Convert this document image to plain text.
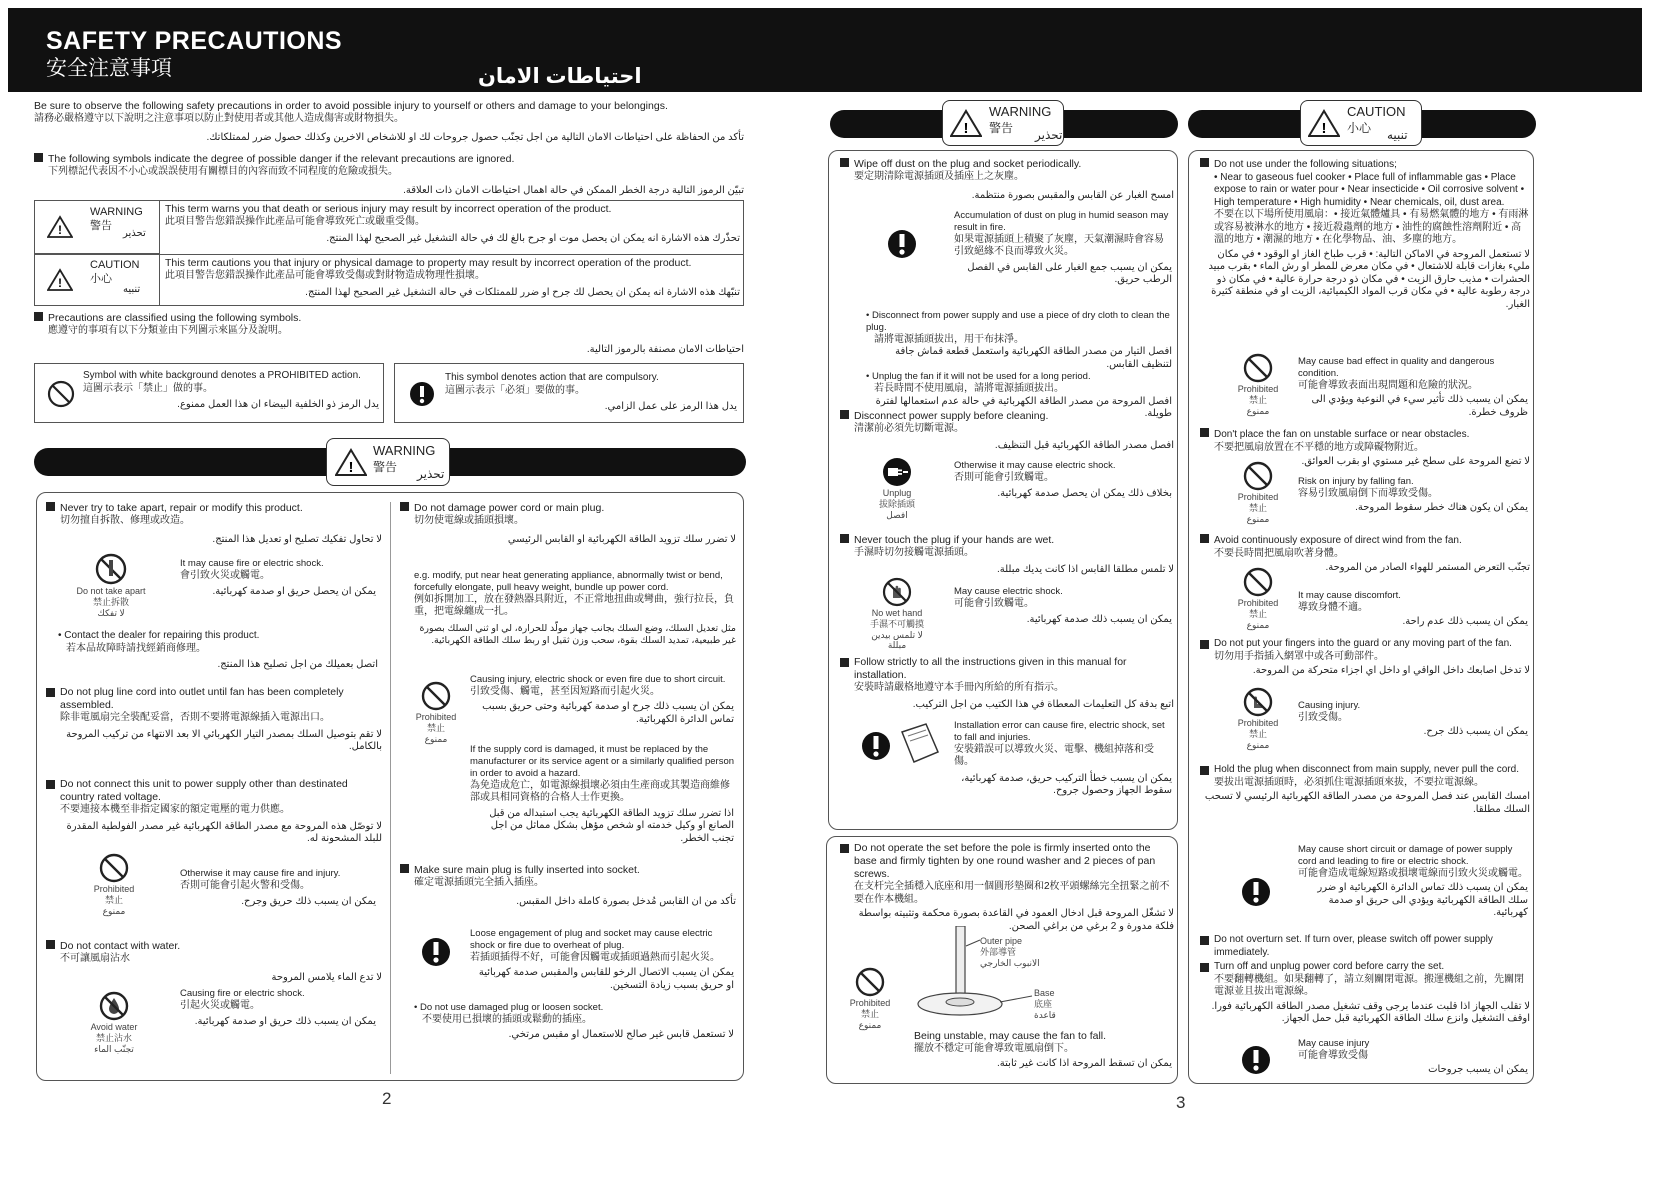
SAFETY PRECAUTIONS
安全注意事項	احتياطات الامان
Be sure to observe the following safety precautions in order to avoid possible injury to yourself or others and damage to your belongings.
請務必嚴格遵守以下說明之注意事項以防止對使用者或其他人造成傷害或財物損失。
تأكد من الحفاظة على احتياطات الامان التالية من اجل تجنّب حصول جروحات لك او للاشخاص الاخرين وكذلك حصول ضرر لممتلكاتك.
The following symbols indicate the degree of possible danger if the relevant precautions are ignored.
下列標記代表因不小心或誤誤使用有關標目的內容而致不同程度的危險或損失。
تبيّن الرموز التالية درجة الخطر الممكن في حالة اهمال احتياطات الامان ذات العلاقة.
!
WARNING
警告
تحذير
This term warns you that death or serious injury may result by incorrect operation of the product.
此項目警告您錯誤操作此產品可能會導致死亡或嚴重受傷。
تحذّرك هذه الاشارة انه يمكن ان يحصل موت او جرح بالغ لك في حالة التشغيل غير الصحيح لهذا المنتج.
!
CAUTION
小心
تنبيه
This term cautions you that injury or physical damage to property may result by incorrect operation of the product.
此項目警告您錯誤操作此產品可能會導致受傷或對財物造成物理性損壞。
تنبّهك هذه الاشارة انه يمكن ان يحصل لك جرح او ضرر للممتلكات في حالة التشغيل غير الصحيح لهذا المنتج.
Precautions are classified using the following symbols.
應遵守的事項有以下分類並由下列圖示來區分及說明。
احتياطات الامان مصنفة بالرموز التالية.
Symbol with white background denotes a PROHIBITED action.
這圖示表示「禁止」做的事。
يدل الرمز ذو الخلفية البيضاء ان هذا العمل ممنوع.
This symbol denotes action that are compulsory.
這圖示表示「必須」要做的事。
يدل هذا الرمز على عمل الزامي.
!
WARNING
警告 تحذير
Never try to take apart, repair or modify this product.
切勿擅自拆散、修理或改造。
لا تحاول تفكيك تصليح او تعديل هذا المنتج.
Do not take apart
禁止拆散
لا تفكك
It may cause fire or electric shock.
會引致火災或觸電。
يمكن ان يحصل حريق او صدمة كهربائية.
• Contact the dealer for repairing this product.
若本品故障時請找經銷商修理。
اتصل بعميلك من اجل تصليح هذا المنتج.
Do not plug line cord into outlet until fan has been completely assembled.
除非電風扇完全裝配妥當，否則不要將電源線插入電源出口。
لا تقم بتوصيل السلك بمصدر التيار الكهربائي الا بعد الانتهاء من تركيب المروحة بالكامل.
Do not connect this unit to power supply other than destinated country rated voltage.
不要連接本機至非指定國家的額定電壓的電力供應。
لا توصّل هذه المروحة مع مصدر الطاقة الكهربائية غير مصدر الفولطية المقدرة للبلد المشحونة له.
Prohibited
禁止
ممنوع
Otherwise it may cause fire and injury.
否則可能會引起火警和受傷。
يمكن ان يسبب ذلك حريق وجرح.
Do not contact with water.
不可讓風扇沾水
لا تدع الماء يلامس المروحة
Avoid water
禁止沾水
تجنّب الماء
Causing fire or electric shock.
引起火災或觸電。
يمكن ان يسبب ذلك حريق او صدمة كهربائية.
Do not damage power cord or main plug.
切勿使電線或插頭損壞。
لا تضرر سلك تزويد الطاقة الكهربائية او القابس الرئيسي
e.g. modify, put near heat generating appliance, abnormally twist or bend, forcefully elongate, pull heavy weight, bundle up power cord.
例如拆開加工，放在發熱器具附近，不正常地扭曲或彎曲，強行拉長，負重，把電線纏成一扎。
مثل تعديل السلك، وضع السلك بجانب جهاز مولّد للحرارة، لي او ثني السلك بصورة غير طبيعية، تمديد السلك بقوة، سحب وزن ثقيل او ربط سلك الطاقة الكهربائية.
Prohibited
禁止
ممنوع
Causing injury, electric shock or even fire due to short circuit.
引致受傷、觸電，甚至因短路而引起火災。
يمكن ان يسبب ذلك جرح او صدمة كهربائية وحتى حريق بسبب تماس الدائرة الكهربائية.
If the supply cord is damaged, it must be replaced by the manufacturer or its service agent or a similarly qualified person in order to avoid a hazard.
為免造成危亡，如電源線損壞必須由生產商或其製造商維修部或具相同資格的合格人士作更換。
اذا تضرر سلك تزويد الطاقة الكهربائية يجب استبداله من قبل الصانع او وكيل خدمته او شخص مؤهل بشكل مماثل من اجل تجنب الخطر.
Make sure main plug is fully inserted into socket.
確定電源插頭完全插入插座。
تأكد من ان القابس مُدخل بصورة كاملة داخل المقبس.
Loose engagement of plug and socket may cause electric shock or fire due to overheat of plug.
若插頭插得不好，可能會因觸電或插頭過熱而引起火災。
يمكن ان يسبب الاتصال الرخو للقابس والمقبس صدمة كهربائية او حريق بسبب زيادة التسخين.
• Do not use damaged plug or loosen socket.
不要使用已損壞的插頭或鬆動的插座。
لا تستعمل قابس غير صالح للاستعمال او مقبس مرتخي.
2
!
WARNING
警告 تحذير
Wipe off dust on the plug and socket periodically.
要定期清除電源插頭及插座上之灰塵。
امسح الغبار عن القابس والمقبس بصورة منتظمة.
Accumulation of dust on plug in humid season may result in fire.
如果電源插頭上積聚了灰塵，天氣潮濕時會容易引致絕緣不良而導致火災。
يمكن ان يسبب جمع الغبار على القابس في الفصل الرطب حريق.
• Disconnect from power supply and use a piece of dry cloth to clean the plug.
請將電源插頭拔出，用干布抹淨。
افصل التيار من مصدر الطاقة الكهربائية واستعمل قطعة قماش جافة لتنظيف القابس.
• Unplug the fan if it will not be used for a long period.
若長時間不使用風扇，請將電源插頭拔出。
افصل المروحة من مصدر الطاقة الكهربائية في حالة عدم استعمالها لفترة طويلة.
Disconnect power supply before cleaning.
清潔前必須先切斷電源。
افصل مصدر الطاقة الكهربائية قبل التنظيف.
Unplug
拔除插頭
افصل
Otherwise it may cause electric shock.
否則可能會引致觸電。
بخلاف ذلك يمكن ان يحصل صدمة كهربائية.
Never touch the plug if your hands are wet.
手濕時切勿接觸電源插頭。
لا تلمس مطلقا القابس اذا كانت يديك مبللة.
No wet hand
手濕不可觸摸
لا تلمس بيدين مبللة
May cause electric shock.
可能會引致觸電。
يمكن ان يسبب ذلك صدمة كهربائية.
Follow strictly to all the instructions given in this manual for installation.
安裝時請嚴格地遵守本手冊內所給的所有指示。
اتبع بدقة كل التعليمات المعطاة في هذا الكتيب من اجل التركيب.
Installation error can cause fire, electric shock, set to fall and injuries.
安裝錯誤可以導致火災、電擊、機組掉落和受傷。
يمكن ان يسبب خطأ التركيب حريق، صدمة كهربائية، سقوط الجهاز وحصول جروح.
Do not operate the set before the pole is firmly inserted onto the base and firmly tighten by one round washer and 2 pieces of pan screws.
在支杆完全插穩入底座和用一個圓形墊圈和2枚平頭螺絲完全扭緊之前不要在作本機組。
لا تشغّل المروحة قبل ادخال العمود في القاعدة بصورة محكمة وتثبيته بواسطة فلكة مدورة و 2 برغي من براغي الصحن.
Prohibited
禁止
ممنوع
Outer pipe
外部導管
الانبوب الخارجي
Base
底座
قاعدة
Being unstable, may cause the fan to fall.
擺放不穩定可能會導致電風扇倒下。
يمكن ان تسقط المروحة اذا كانت غير ثابتة.
!
CAUTION
小心 تنبيه
Do not use under the following situations;
• Near to gaseous fuel cooker • Place full of inflammable gas • Place expose to rain or water pour • Near insecticide • Oil corrosive solvent • High temperature • High humidity • Near chemicals, oil, dust area.
不要在以下場所使用風扇：• 接近氣體爐具 • 有易燃氣體的地方 • 有雨淋或容易被淋水的地方 • 接近殺蟲劑的地方 • 油性的腐蝕性溶劑附近 • 高溫的地方 • 潮濕的地方 • 在化學物品、油、多塵的地方。
لا تستعمل المروحة في الاماكن التالية: • قرب طباخ الغاز او الوقود • في مكان مليء بغازات قابلة للاشتعال • في مكان معرض للمطر او رش الماء • بقرب مبيد الحشرات • مذيب حارق الزيت • في مكان ذو درجة حرارة عالية • في مكان ذو درجة رطوبة عالية • في مكان قرب المواد الكيميائية، الزيت او في منطقة كثيرة الغبار.
Prohibited
禁止
ممنوع
May cause bad effect in quality and dangerous condition.
可能會導致表面出現問題和危險的狀況。
يمكن ان يسبب ذلك تأثير سيء في النوعية ويؤدي الى ظروف خطرة.
Don't place the fan on unstable surface or near obstacles.
不要把風扇放置在不平穩的地方或障礙物附近。
لا تضع المروحة على سطح غير مستوي او بقرب العوائق.
Prohibited
禁止
ممنوع
Risk on injury by falling fan.
容易引致風扇倒下而導致受傷。
يمكن ان يكون هناك خطر سقوط المروحة.
Avoid continuously exposure of direct wind from the fan.
不要長時間把風扇吹著身體。
تجنّب التعرض المستمر للهواء الصادر من المروحة.
Prohibited
禁止
ممنوع
It may cause discomfort.
導致身體不適。
يمكن ان يسبب ذلك عدم راحة.
Do not put your fingers into the guard or any moving part of the fan.
切勿用手指插入網罩中或各可動部件。
لا تدخل اصابعك داخل الواقي او داخل اي اجزاء متحركة من المروحة.
Prohibited
禁止
ممنوع
Causing injury.
引致受傷。
يمكن ان يسبب ذلك جرح.
Hold the plug when disconnect from main supply, never pull the cord.
要拔出電源插頭時，必須抓住電源插頭來拔，不要拉電源線。
امسك القابس عند فصل المروحة من مصدر الطاقة الكهربائية الرئيسي لا تسحب السلك مطلقا.
May cause short circuit or damage of power supply cord and leading to fire or electric shock.
可能會造成電線短路或損壞電線而引致火災或觸電。
يمكن ان يسبب ذلك تماس الدائرة الكهربائية او ضرر سلك الطاقة الكهربائية ويؤدي الى حريق او صدمة كهربائية.
Do not overturn set. If turn over, please switch off power supply immediately.
Turn off and unplug power cord before carry the set.
不要翻轉機組。如果翻轉了，請立刻關閉電源。搬運機組之前，先關閉電源並且拔出電源線。
لا تقلب الجهاز اذا قلبت عندما يرجى وقف تشغيل مصدر الطاقة الكهربائية فورا. اوقف التشغيل وانزع سلك الطاقة الكهربائية قبل حمل الجهاز.
May cause injury
可能會導致受傷
يمكن ان يسبب جروحات
3
